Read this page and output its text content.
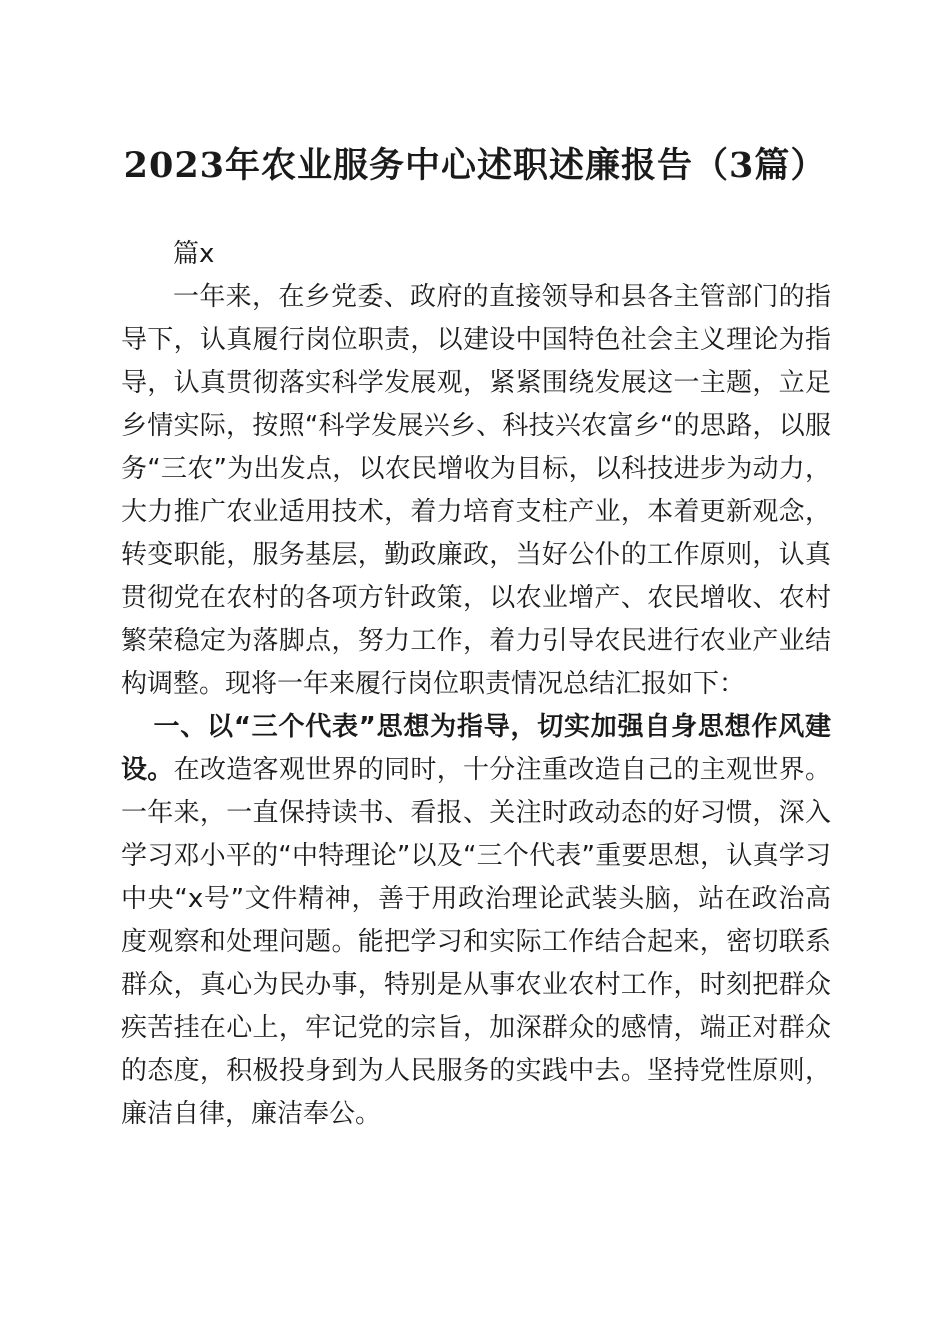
2023年农业服务中心述职述廉报告（3篇）

篇x

一年来，在乡党委、政府的直接领导和县各主管部门的指导下，认真履行岗位职责，以建设中国特色社会主义理论为指导，认真贯彻落实科学发展观，紧紧围绕发展这一主题，立足乡情实际，按照“科学发展兴乡、科技兴农富乡“的思路，以服务“三农”为出发点，以农民增收为目标，以科技进步为动力，大力推广农业适用技术，着力培育支柱产业，本着更新观念，转变职能，服务基层，勤政廉政，当好公仆的工作原则，认真贯彻党在农村的各项方针政策，以农业增产、农民增收、农村繁荣稳定为落脚点，努力工作，着力引导农民进行农业产业结构调整。现将一年来履行岗位职责情况总结汇报如下：

一、以“三个代表”思想为指导，切实加强自身思想作风建设。在改造客观世界的同时，十分注重改造自己的主观世界。一年来，一直保持读书、看报、关注时政动态的好习惯，深入学习邓小平的“中特理论”以及“三个代表”重要思想，认真学习中央“x号”文件精神，善于用政治理论武装头脑，站在政治高度观察和处理问题。能把学习和实际工作结合起来，密切联系群众，真心为民办事，特别是从事农业农村工作，时刻把群众疾苦挂在心上，牢记党的宗旨，加深群众的感情，端正对群众的态度，积极投身到为人民服务的实践中去。坚持党性原则，廉洁自律，廉洁奉公。
